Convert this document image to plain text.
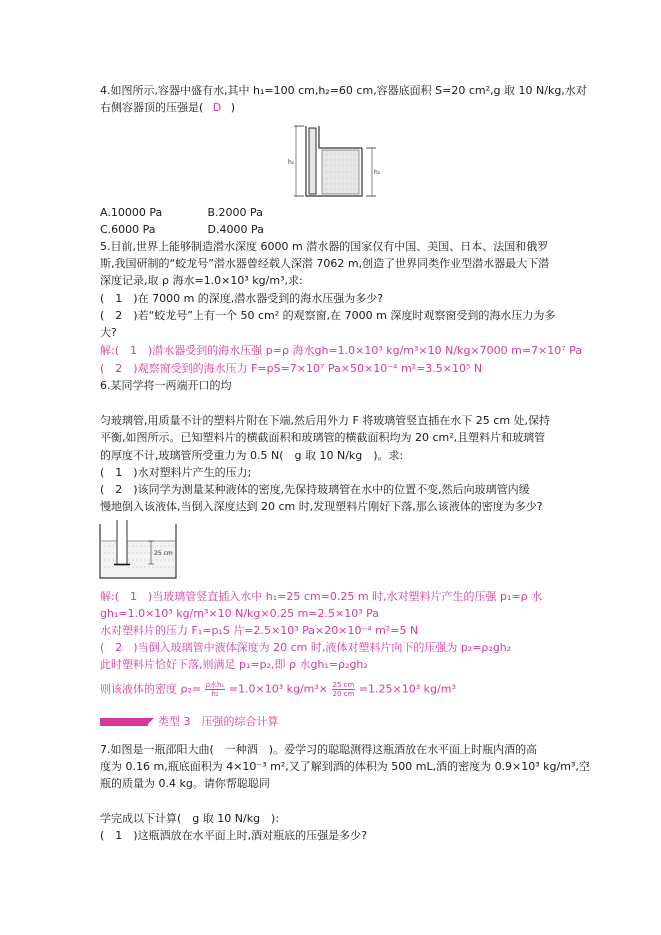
4.如图所示,容器中盛有水,其中 h₁=100 cm,h₂=60 cm,容器底面积 S=20 cm²,g 取 10 N/kg,水对
右侧容器顶的压强是( D )
h₁
h₂
A.10000 Pa	B.2000 Pa
C.6000 Pa	D.4000 Pa
5.目前,世界上能够制造潜水深度 6000 m 潜水器的国家仅有中国、美国、日本、法国和俄罗
斯,我国研制的“蛟龙号”潜水器曾经载人深潜 7062 m,创造了世界同类作业型潜水器最大下潜
深度记录,取 ρ 海水=1.0×10³ kg/m³,求:
(　1　)在 7000 m 的深度,潜水器受到的海水压强为多少?
(　2　)若“蛟龙号”上有一个 50 cm² 的观察窗,在 7000 m 深度时观察窗受到的海水压力为多
大?
解:(　1　)潜水器受到的海水压强 p=ρ 海水gh=1.0×10³ kg/m³×10 N/kg×7000 m=7×10⁷ Pa
(　2　)观察窗受到的海水压力 F=pS=7×10⁷ Pa×50×10⁻⁴ m²=3.5×10⁵ N
6.某同学将一两端开口的均
匀玻璃管,用质量不计的塑料片附在下端,然后用外力 F 将玻璃管竖直插在水下 25 cm 处,保持
平衡,如图所示。已知塑料片的横截面积和玻璃管的横截面积均为 20 cm²,且塑料片和玻璃管
的厚度不计,玻璃管所受重力为 0.5 N(　g 取 10 N/kg　)。求:
(　1　)水对塑料片产生的压力;
(　2　)该同学为测量某种液体的密度,先保持玻璃管在水中的位置不变,然后向玻璃管内缓
慢地倒入该液体,当倒入深度达到 20 cm 时,发现塑料片刚好下落,那么该液体的密度为多少?
25 cm
解:(　1　)当玻璃管竖直插入水中 h₁=25 cm=0.25 m 时,水对塑料片产生的压强 p₁=ρ 水
gh₁=1.0×10³ kg/m³×10 N/kg×0.25 m=2.5×10³ Pa
水对塑料片的压力 F₁=p₁S 片=2.5×10³ Pa×20×10⁻⁴ m²=5 N
(　2　)当倒入玻璃管中液体深度为 20 cm 时,液体对塑料片向下的压强为 p₂=ρ₂gh₂
此时塑料片恰好下落,则满足 p₁=p₂,即 ρ 水gh₁=ρ₂gh₂
则该液体的密度 $\rho_2= \frac{\text{ρ水h₁}}{\text{h₂}} =1.0\times 10^3$ $kg/m^3\times \frac{25 cm}{20 cm} =1.25\times 10^3$ kg/m³
类型 3　压强的综合计算
7.如图是一瓶邵阳大曲(　一种酒　)。爱学习的聪聪测得这瓶酒放在水平面上时瓶内酒的高
度为 0.16 m,瓶底面积为 4×10⁻³ m²,又了解到酒的体积为 500 mL,酒的密度为 0.9×10³ kg/m³,空
瓶的质量为 0.4 kg。请你帮聪聪同
学完成以下计算(　g 取 10 N/kg　):
(　1　)这瓶酒放在水平面上时,酒对瓶底的压强是多少?
